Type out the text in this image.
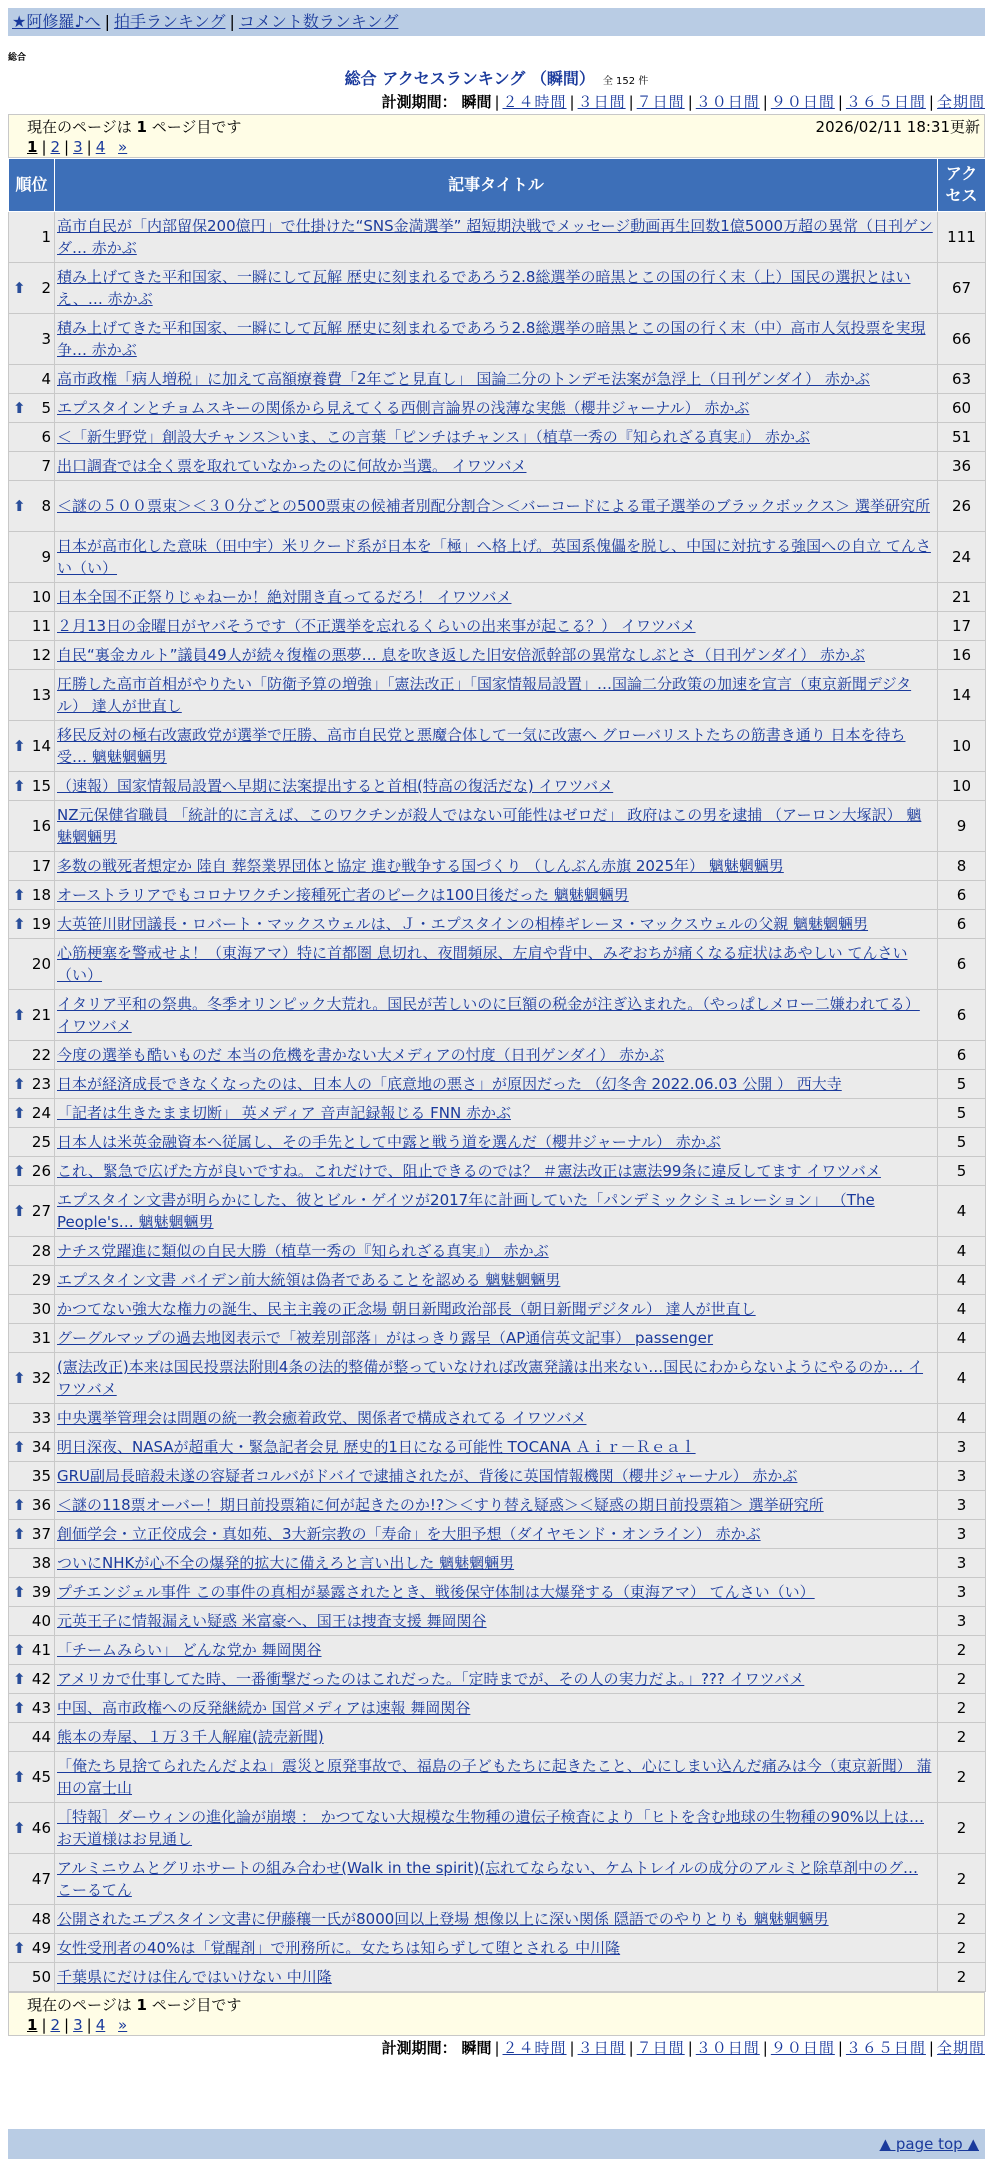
★阿修羅♪へ | 拍手ランキング | コメント数ランキング
総合
総合 アクセスランキング （瞬間） 全 152 件
計測期間： 瞬間 | ２４時間 | ３日間 | ７日間 | ３０日間 | ９０日間 | ３６５日間 | 全期間
現在のページは 1 ページ目です	2026/02/11 18:31更新
1 | 2 | 3 | 4 »
順位	記事タイトル	アクセス
1	高市自民が「内部留保200億円」で仕掛けた“SNS金満選挙” 超短期決戦でメッセージ動画再生回数1億5000万超の異常（日刊ゲンダ… 赤かぶ	111

⬆ 2	積み上げてきた平和国家、一瞬にして瓦解 歴史に刻まれるであろう2.8総選挙の暗黒とこの国の行く末（上）国民の選択とはいえ、… 赤かぶ	67
3	積み上げてきた平和国家、一瞬にして瓦解 歴史に刻まれるであろう2.8総選挙の暗黒とこの国の行く末（中）高市人気投票を実現争… 赤かぶ	66
4	高市政権「病人増税」に加えて高額療養費「2年ごと見直し」 国論二分のトンデモ法案が急浮上（日刊ゲンダイ） 赤かぶ	63

⬆ 5	エプスタインとチョムスキーの関係から見えてくる西側言論界の浅薄な実態（櫻井ジャーナル） 赤かぶ	60
6	＜「新生野党」創設大チャンス＞いま、この言葉「ピンチはチャンス」（植草一秀の『知られざる真実』） 赤かぶ	51
7	出口調査では全く票を取れていなかったのに何故か当選。 イワツバメ	36

⬆ 8	＜謎の５００票束＞＜３０分ごとの500票束の候補者別配分割合＞＜バーコードによる電子選挙のブラックボックス＞ 選挙研究所	26
9	日本が高市化した意味（田中宇）米リクード系が日本を「極」へ格上げ。英国系傀儡を脱し、中国に対抗する強国への自立 てんさい（い）	24
10	日本全国不正祭りじゃねーか！絶対開き直ってるだろ！ イワツバメ	21
11	２月13日の金曜日がヤバそうです（不正選挙を忘れるくらいの出来事が起こる？） イワツバメ	17
12	自民“裏金カルト”議員49人が続々復権の悪夢… 息を吹き返した旧安倍派幹部の異常なしぶとさ（日刊ゲンダイ） 赤かぶ	16
13	圧勝した高市首相がやりたい「防衛予算の増強」「憲法改正」「国家情報局設置」…国論二分政策の加速を宣言（東京新聞デジタル） 達人が世直し	14

⬆ 14	移民反対の極右改憲政党が選挙で圧勝、高市自民党と悪魔合体して一気に改憲へ グローバリストたちの筋書き通り 日本を待ち受… 魑魅魍魎男	10

⬆ 15	（速報）国家情報局設置へ早期に法案提出すると首相(特高の復活だな) イワツバメ	10
16	NZ元保健省職員 「統計的に言えば、このワクチンが殺人ではない可能性はゼロだ」 政府はこの男を逮捕 （アーロン大塚訳） 魑魅魍魎男	9
17	多数の戦死者想定か 陸自 葬祭業界団体と協定 進む戦争する国づくり （しんぶん赤旗 2025年） 魑魅魍魎男	8

⬆ 18	オーストラリアでもコロナワクチン接種死亡者のピークは100日後だった 魑魅魍魎男	6

⬆ 19	大英笹川財団議長・ロバート・マックスウェルは、Ｊ・エプスタインの相棒ギレーヌ・マックスウェルの父親 魑魅魍魎男	6
20	心筋梗塞を警戒せよ！（東海アマ）特に首都圏 息切れ、夜間頻尿、左肩や背中、みぞおちが痛くなる症状はあやしい てんさい（い）	6

⬆ 21	イタリア平和の祭典。冬季オリンピック大荒れ。国民が苦しいのに巨額の税金が注ぎ込まれた。（やっぱしメロー二嫌われてる） イワツバメ	6
22	今度の選挙も酷いものだ 本当の危機を書かない大メディアの忖度（日刊ゲンダイ） 赤かぶ	6

⬆ 23	日本が経済成長できなくなったのは、日本人の「底意地の悪さ」が原因だった （幻冬舎 2022.06.03 公開 ） 西大寺	5

⬆ 24	「記者は生きたまま切断」 英メディア 音声記録報じる FNN 赤かぶ	5
25	日本人は米英金融資本へ従属し、その手先として中露と戦う道を選んだ（櫻井ジャーナル） 赤かぶ	5

⬆ 26	これ、緊急で広げた方が良いですね。これだけで、阻止できるのでは？ ＃憲法改正は憲法99条に違反してます イワツバメ	5

⬆ 27	エプスタイン文書が明らかにした、彼とビル・ゲイツが2017年に計画していた「パンデミックシミュレーション」 （The People's… 魑魅魍魎男	4
28	ナチス党躍進に類似の自民大勝（植草一秀の『知られざる真実』） 赤かぶ	4
29	エプスタイン文書 バイデン前大統領は偽者であることを認める 魑魅魍魎男	4
30	かつてない強大な権力の誕生、民主主義の正念場 朝日新聞政治部長（朝日新聞デジタル） 達人が世直し	4
31	グーグルマップの過去地図表示で「被差別部落」がはっきり露呈（AP通信英文記事） passenger	4

⬆ 32	(憲法改正)本来は国民投票法附則4条の法的整備が整っていなければ改憲発議は出来ない…国民にわからないようにやるのか… イワツバメ	4
33	中央選挙管理会は問題の統一教会癒着政党、関係者で構成されてる イワツバメ	4

⬆ 34	明日深夜、NASAが超重大・緊急記者会見 歴史的1日になる可能性 TOCANA Ａｉｒ－Ｒｅａｌ	3
35	GRU副局長暗殺未遂の容疑者コルバがドバイで逮捕されたが、背後に英国情報機関（櫻井ジャーナル） 赤かぶ	3

⬆ 36	＜謎の118票オーバー！期日前投票箱に何が起きたのか!?＞＜すり替え疑惑＞＜疑惑の期日前投票箱＞ 選挙研究所	3

⬆ 37	創価学会・立正佼成会・真如苑、3大新宗教の「寿命」を大胆予想（ダイヤモンド・オンライン） 赤かぶ	3
38	ついにNHKが心不全の爆発的拡大に備えろと言い出した 魑魅魍魎男	3

⬆ 39	プチエンジェル事件 この事件の真相が暴露されたとき、戦後保守体制は大爆発する（東海アマ） てんさい（い）	3
40	元英王子に情報漏えい疑惑 米富豪へ、国王は捜査支援 舞岡関谷	3

⬆ 41	「チームみらい」 どんな党か 舞岡関谷	2

⬆ 42	アメリカで仕事してた時、一番衝撃だったのはこれだった。「定時までが、その人の実力だよ。」??? イワツバメ	2

⬆ 43	中国、高市政権への反発継続か 国営メディアは速報 舞岡関谷	2
44	熊本の寿屋、１万３千人解雇(読売新聞)	2

⬆ 45	「俺たち見捨てられたんだよね」震災と原発事故で、福島の子どもたちに起きたこと、心にしまい込んだ痛みは今（東京新聞） 蒲田の富士山	2

⬆ 46	［特報］ダーウィンの進化論が崩壊 ： かつてない大規模な生物種の遺伝子検査により「ヒトを含む地球の生物種の90%以上は… お天道様はお見通し	2
47	アルミニウムとグリホサートの組み合わせ(Walk in the spirit)(忘れてならない、ケムトレイルの成分のアルミと除草剤中のグ… こーるてん	2
48	公開されたエプスタイン文書に伊藤穰一氏が8000回以上登場 想像以上に深い関係 隠語でのやりとりも 魑魅魍魎男	2

⬆ 49	女性受刑者の40%は「覚醒剤」で刑務所に。女たちは知らずして堕とされる 中川隆	2
50	千葉県にだけは住んではいけない 中川隆	2
現在のページは 1 ページ目です
1 | 2 | 3 | 4 »
計測期間： 瞬間 | ２４時間 | ３日間 | ７日間 | ３０日間 | ９０日間 | ３６５日間 | 全期間
▲ page top ▲
